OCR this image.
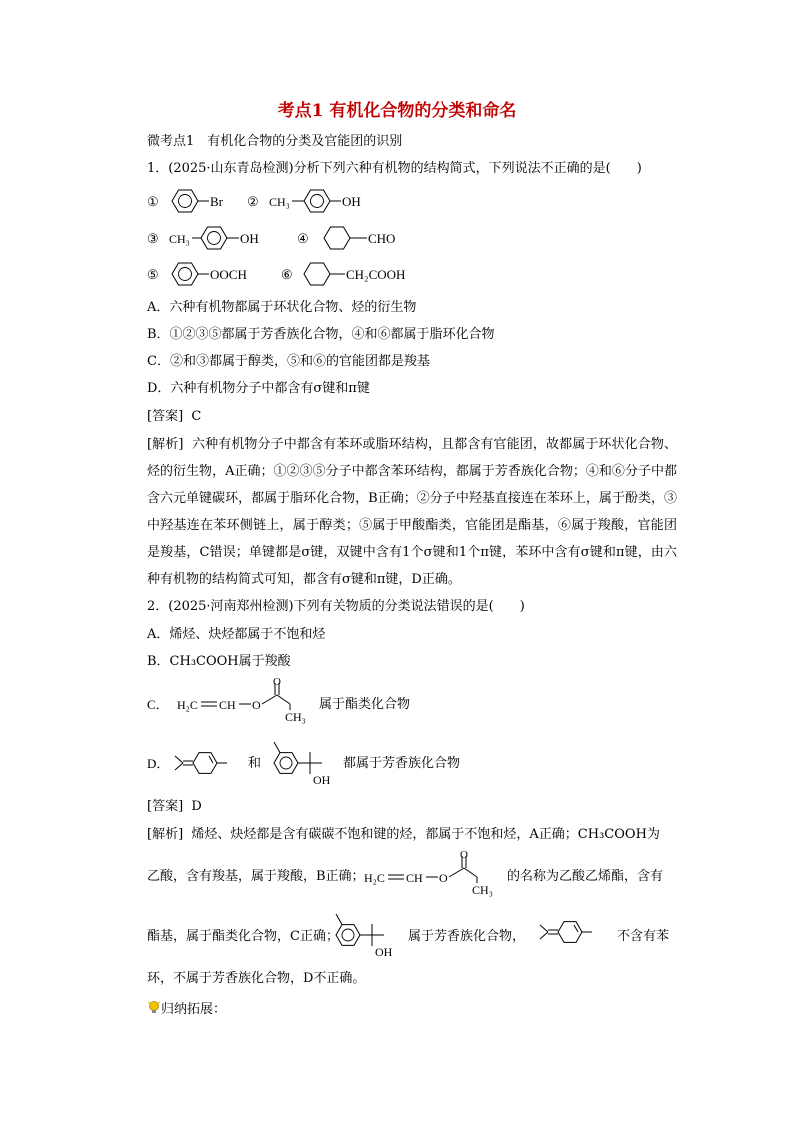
考点1 有机化合物的分类和命名
微考点1　有机化合物的分类及官能团的识别
1．(2025·山东青岛检测)分析下列六种有机物的结构简式，下列说法不正确的是(　　)
①	Br ② CH₃	OH
③ CH₃	OH	④	CHO
⑤	OOCH	⑥	CH₂COOH
A．六种有机物都属于环状化合物、烃的衍生物
B．①②③⑤都属于芳香族化合物，④和⑥都属于脂环化合物
C．②和③都属于醇类，⑤和⑥的官能团都是羧基
D．六种有机物分子中都含有σ键和π键
[答案] C
[解析] 六种有机物分子中都含有苯环或脂环结构，且都含有官能团，故都属于环状化合物、烃的衍生物，A正确；①②③⑤分子中都含苯环结构，都属于芳香族化合物；④和⑥分子中都含六元单键碳环，都属于脂环化合物，B正确；②分子中羟基直接连在苯环上，属于酚类，③中羟基连在苯环侧链上，属于醇类；⑤属于甲酸酯类，官能团是酯基，⑥属于羧酸，官能团是羧基，C错误；单键都是σ键，双键中含有1个σ键和1个π键，苯环中含有σ键和π键，由六种有机物的结构简式可知，都含有σ键和π键，D正确。
2．(2025·河南郑州检测)下列有关物质的分类说法错误的是(　　)
A．烯烃、炔烃都属于不饱和烃
B．CH₃COOH属于羧酸
C． H₂C CH O
O
CH₃
属于酯类化合物
D．	和
OH
都属于芳香族化合物
[答案] D
[解析] 烯烃、炔烃都是含有碳碳不饱和键的烃，都属于不饱和烃，A正确；CH₃COOH为
乙酸，含有羧基，属于羧酸，B正确； H₂C CH O
O
CH₃
的名称为乙酸乙烯酯，含有
酯基，属于酯类化合物，C正确；
OH
属于芳香族化合物，	不含有苯
环，不属于芳香族化合物，D不正确。
归纳拓展：
